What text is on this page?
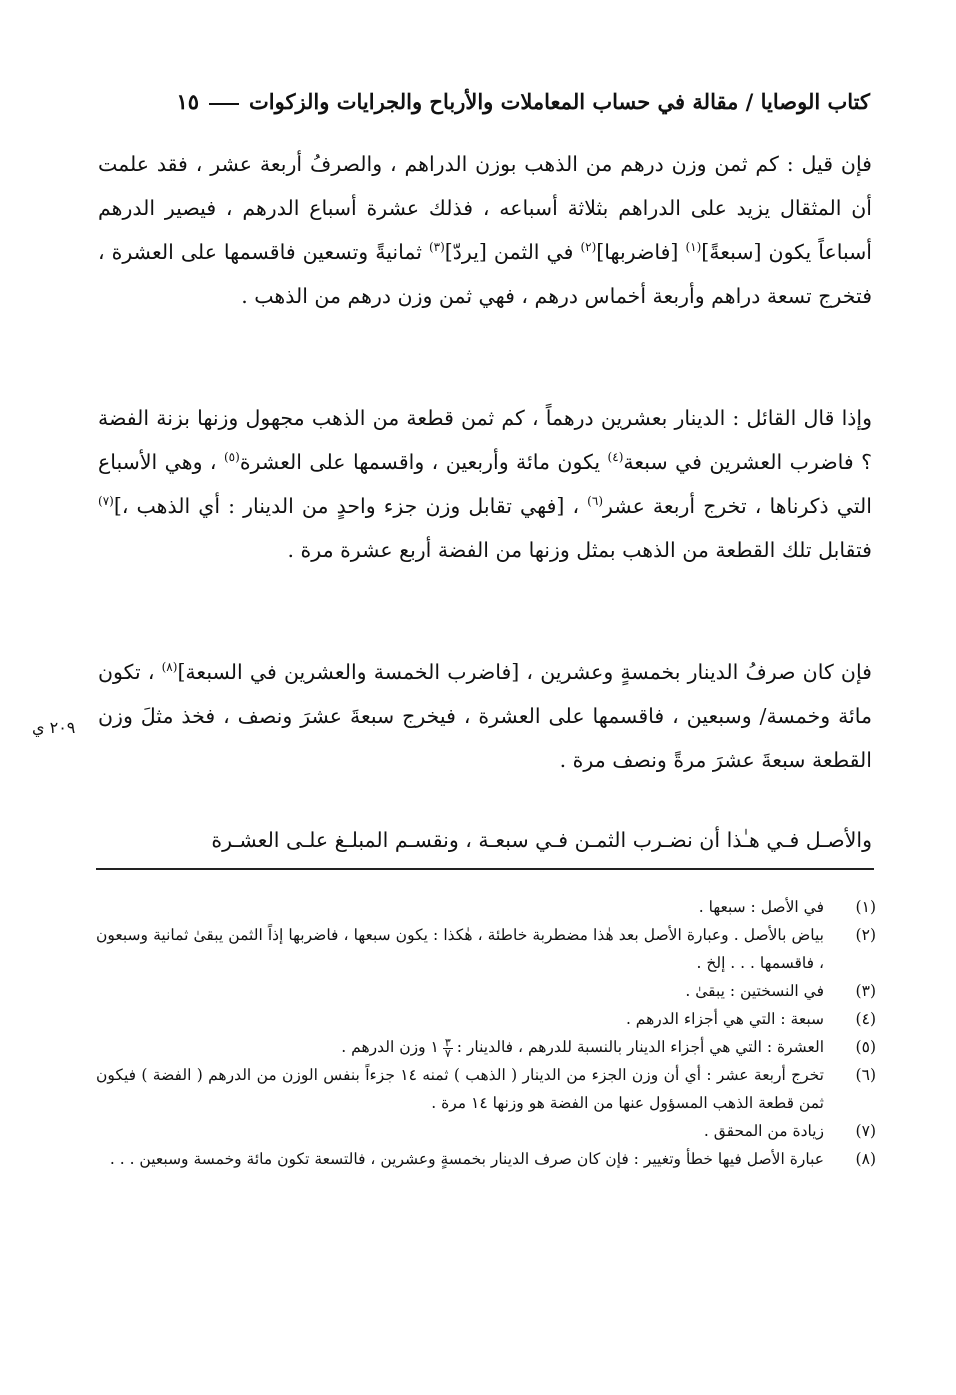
كتاب الوصايا / مقالة في حساب المعاملات والأرباح والجرايات والزكوات١٥
فإن قيل : كم ثمن وزن درهم من الذهب بوزن الدراهم ، والصرفُ أربعة عشر ، فقد علمت أن المثقال يزيد على الدراهم بثلاثة أسباعه ، فذلك عشرة أسباع الدرهم ، فيصير الدرهم أسباعاً يكون [سبعةً]$^{(١)}$ [فاضربها]$^{(٢)}$ في الثمن [يردّ]$^{(٣)}$ ثمانيةً وتسعين فاقسمها على العشرة ، فتخرج تسعة دراهم وأربعة أخماس درهم ، فهي ثمن وزن درهم من الذهب .
وإذا قال القائل : الدينار بعشرين درهماً ، كم ثمن قطعة من الذهب مجهول وزنها بزنة الفضة ؟ فاضرب العشرين في سبعة$^{(٤)}$ يكون مائة وأربعين ، واقسمها على العشرة$^{(٥)}$ ، وهي الأسباع التي ذكرناها ، تخرج أربعة عشر$^{(٦)}$ ، [فهي تقابل وزن جزء واحدٍ من الدينار : أي الذهب ،]$^{(٧)}$ فتقابل تلك القطعة من الذهب بمثل وزنها من الفضة أربع عشرة مرة .
فإن كان صرفُ الدينار بخمسةٍ وعشرين ، [فاضرب الخمسة والعشرين في السبعة]$^{(٨)}$ ، تكون مائة وخمسة/ وسبعين ، فاقسمها على العشرة ، فيخرج سبعةَ عشرَ ونصف ، فخذ مثلَ وزن القطعة سبعةَ عشرَ مرةً ونصف مرة .
٢٠٩ ي
والأصـل فـي هـٰذا أن نضـرب الثمـن فـي سبعـة ، ونقسـم المبلـغ علـى العشـرة
(١)
في الأصل : سبعها .
(٢)
بياض بالأصل . وعبارة الأصل بعد هٰذا مضطربة خاطئة ، هٰكذا : يكون سبعها ، فاضربها إذاً الثمن يبقىٰ ثمانية وسبعون ، فاقسمها . . . إلخ .
(٣)
في النسختين : يبقىٰ .
(٤)
سبعة : التي هي أجزاء الدرهم .
(٥)
العشرة : التي هي أجزاء الدينار بالنسبة للدرهم ، فالدينار :
$\frac{٣}{٧}$
١ وزن الدرهم .
(٦)
تخرج أربعة عشر : أي أن وزن الجزء من الدينار ( الذهب ) ثمنه ١٤ جزءاً بنفس الوزن من الدرهم ( الفضة ) فيكون ثمن قطعة الذهب المسؤول عنها من الفضة هو وزنها ١٤ مرة .
(٧)
زيادة من المحقق .
(٨)
عبارة الأصل فيها خطأ وتغيير : فإن كان صرف الدينار بخمسةٍ وعشرين ، فالتسعة تكون مائة وخمسة وسبعين . . .
